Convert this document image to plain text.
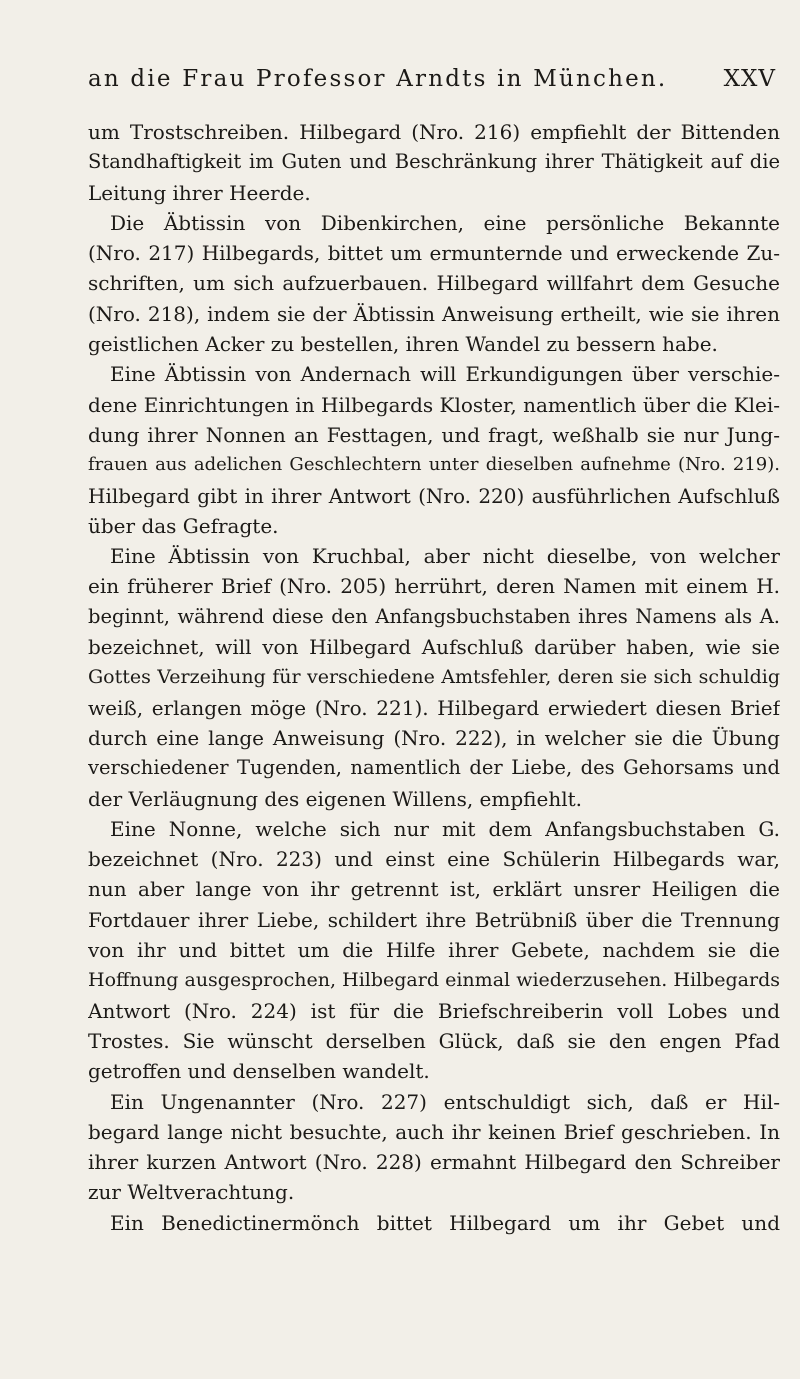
an die Frau Professor Arndts in München. XXV
um Trostschreiben. Hilbegard (Nro. 216) empfiehlt der Bittenden
Standhaftigkeit im Guten und Beschränkung ihrer Thätigkeit auf die
Leitung ihrer Heerde.
Die Äbtissin von Dibenkirchen, eine persönliche Bekannte
(Nro. 217) Hilbegards, bittet um ermunternde und erweckende Zu-
schriften, um sich aufzuerbauen. Hilbegard willfahrt dem Gesuche
(Nro. 218), indem sie der Äbtissin Anweisung ertheilt, wie sie ihren
geistlichen Acker zu bestellen, ihren Wandel zu bessern habe.
Eine Äbtissin von Andernach will Erkundigungen über verschie-
dene Einrichtungen in Hilbegards Kloster, namentlich über die Klei-
dung ihrer Nonnen an Festtagen, und fragt, weßhalb sie nur Jung-
frauen aus adelichen Geschlechtern unter dieselben aufnehme (Nro. 219).
Hilbegard gibt in ihrer Antwort (Nro. 220) ausführlichen Aufschluß
über das Gefragte.
Eine Äbtissin von Kruchbal, aber nicht dieselbe, von welcher
ein früherer Brief (Nro. 205) herrührt, deren Namen mit einem H.
beginnt, während diese den Anfangsbuchstaben ihres Namens als A.
bezeichnet, will von Hilbegard Aufschluß darüber haben, wie sie
Gottes Verzeihung für verschiedene Amtsfehler, deren sie sich schuldig
weiß, erlangen möge (Nro. 221). Hilbegard erwiedert diesen Brief
durch eine lange Anweisung (Nro. 222), in welcher sie die Übung
verschiedener Tugenden, namentlich der Liebe, des Gehorsams und
der Verläugnung des eigenen Willens, empfiehlt.
Eine Nonne, welche sich nur mit dem Anfangsbuchstaben G.
bezeichnet (Nro. 223) und einst eine Schülerin Hilbegards war,
nun aber lange von ihr getrennt ist, erklärt unsrer Heiligen die
Fortdauer ihrer Liebe, schildert ihre Betrübniß über die Trennung
von ihr und bittet um die Hilfe ihrer Gebete, nachdem sie die
Hoffnung ausgesprochen, Hilbegard einmal wiederzusehen. Hilbegards
Antwort (Nro. 224) ist für die Briefschreiberin voll Lobes und
Trostes. Sie wünscht derselben Glück, daß sie den engen Pfad
getroffen und denselben wandelt.
Ein Ungenannter (Nro. 227) entschuldigt sich, daß er Hil-
begard lange nicht besuchte, auch ihr keinen Brief geschrieben. In
ihrer kurzen Antwort (Nro. 228) ermahnt Hilbegard den Schreiber
zur Weltverachtung.
Ein Benedictinermönch bittet Hilbegard um ihr Gebet und
